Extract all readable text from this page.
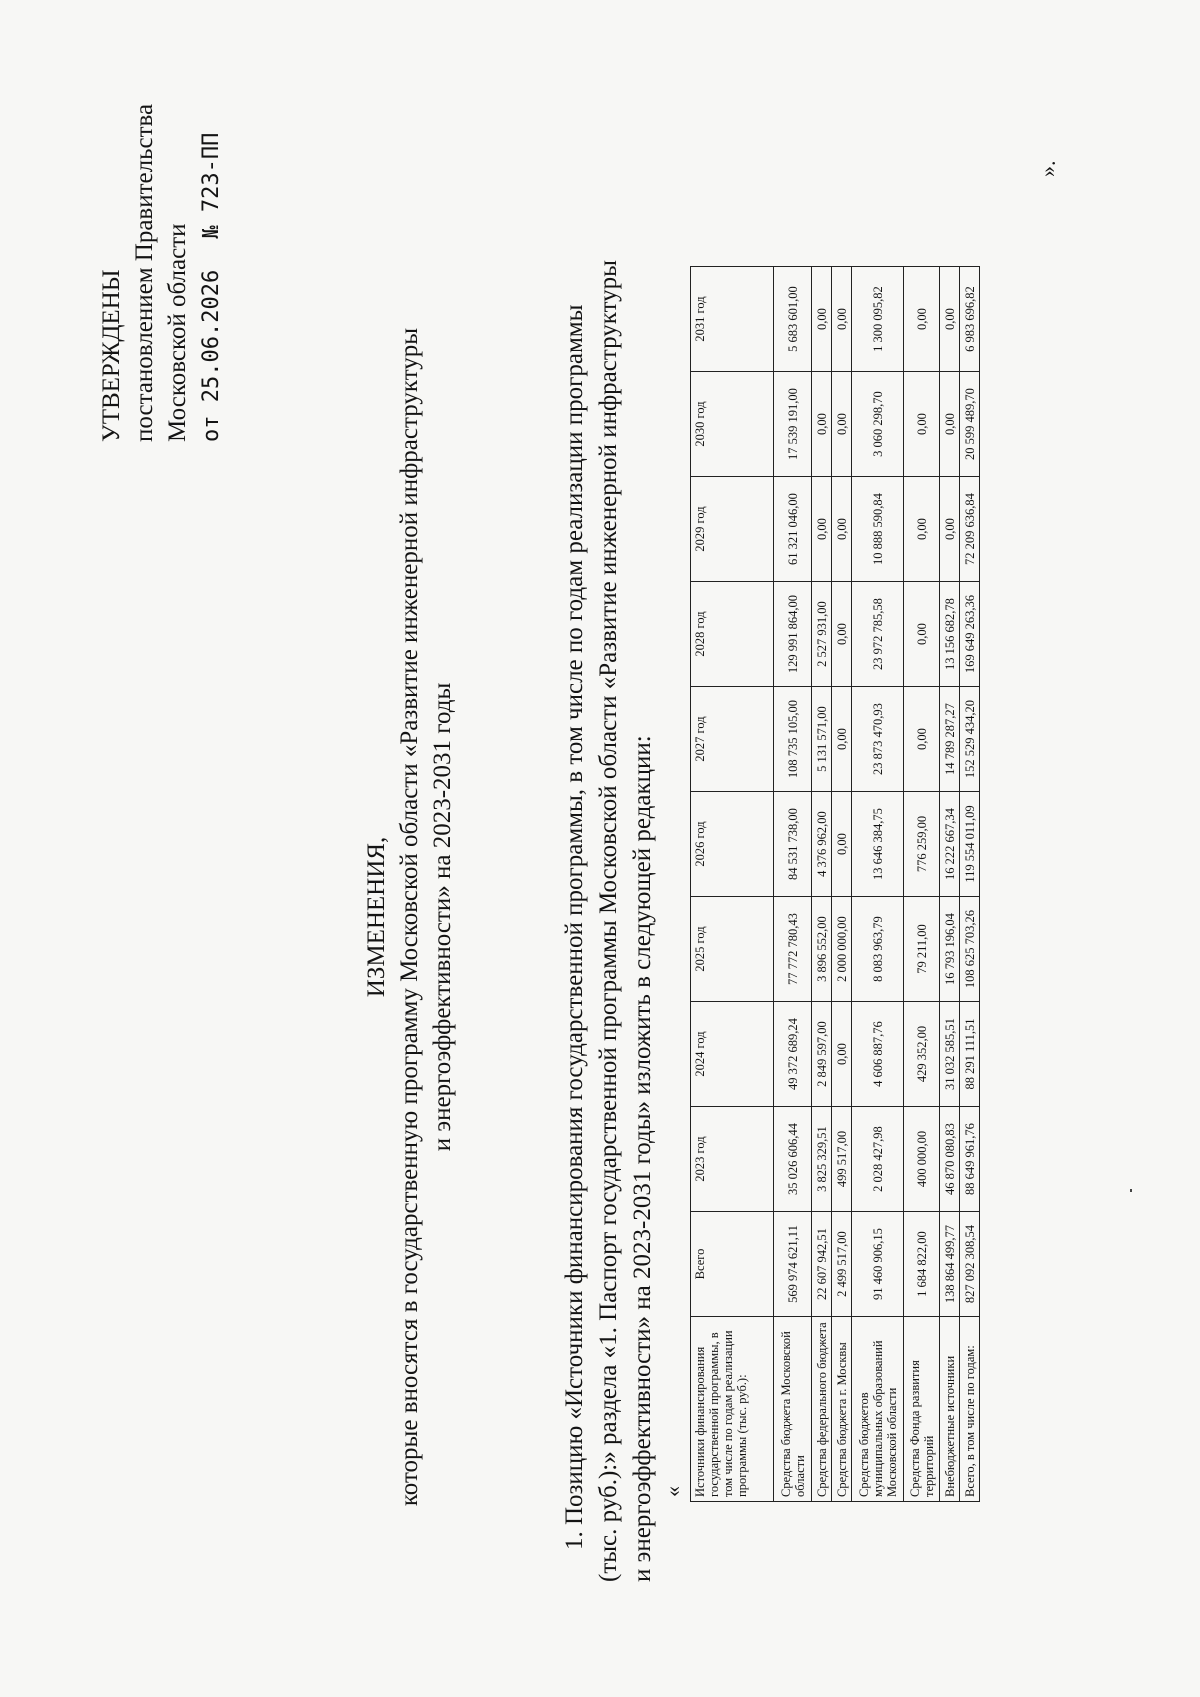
УТВЕРЖДЕНЫ постановлением Правительства Московской области от 25.06.2026     № 723-ПП
ИЗМЕНЕНИЯ, которые вносятся в государственную программу Московской области «Развитие инженерной инфраструктуры и энергоэффективности» на 2023-2031 годы	1. Позицию «Источники финансирования государственной программы, в том числе по годам реализации программы (тыс. руб.):» раздела «1. Паспорт государственной программы Московской области «Развитие инженерной инфраструктуры и энергоэффективности» на 2023-2031 годы» изложить в следующей редакции: « Источники финансирования государственной программы, в том числе по годам реализации программы (тыс. руб.):	Всего	2023 год	2024 год	2025 год	2026 год	2027 год	2028 год	2029 год	2030 год	2031 год
Средства бюджета Московской области	569 974 621,11	35 026 606,44	49 372 689,24	77 772 780,43	84 531 738,00	108 735 105,00	129 991 864,00	61 321 046,00	17 539 191,00	5 683 601,00
Средства федерального бюджета	22 607 942,51	3 825 329,51	2 849 597,00	3 896 552,00	4 376 962,00	5 131 571,00	2 527 931,00	0,00	0,00	0,00
Средства бюджета г. Москвы	2 499 517,00	499 517,00	0,00	2 000 000,00	0,00	0,00	0,00	0,00	0,00	0,00
Средства бюджетов муниципальных образований Московской области	91 460 906,15	2 028 427,98	4 606 887,76	8 083 963,79	13 646 384,75	23 873 470,93	23 972 785,58	10 888 590,84	3 060 298,70	1 300 095,82
Средства Фонда развития территорий	1 684 822,00	400 000,00	429 352,00	79 211,00	776 259,00	0,00	0,00	0,00	0,00	0,00
Внебюджетные источники	138 864 499,77	46 870 080,83	31 032 585,51	16 793 196,04	16 222 667,34	14 789 287,27	13 156 682,78	0,00	0,00	0,00
Всего, в том числе по годам:	827 092 308,54	88 649 961,76	88 291 111,51	108 625 703,26	119 554 011,09	152 529 434,20	169 649 263,36	72 209 636,84	20 599 489,70	6 983 696,82
».
